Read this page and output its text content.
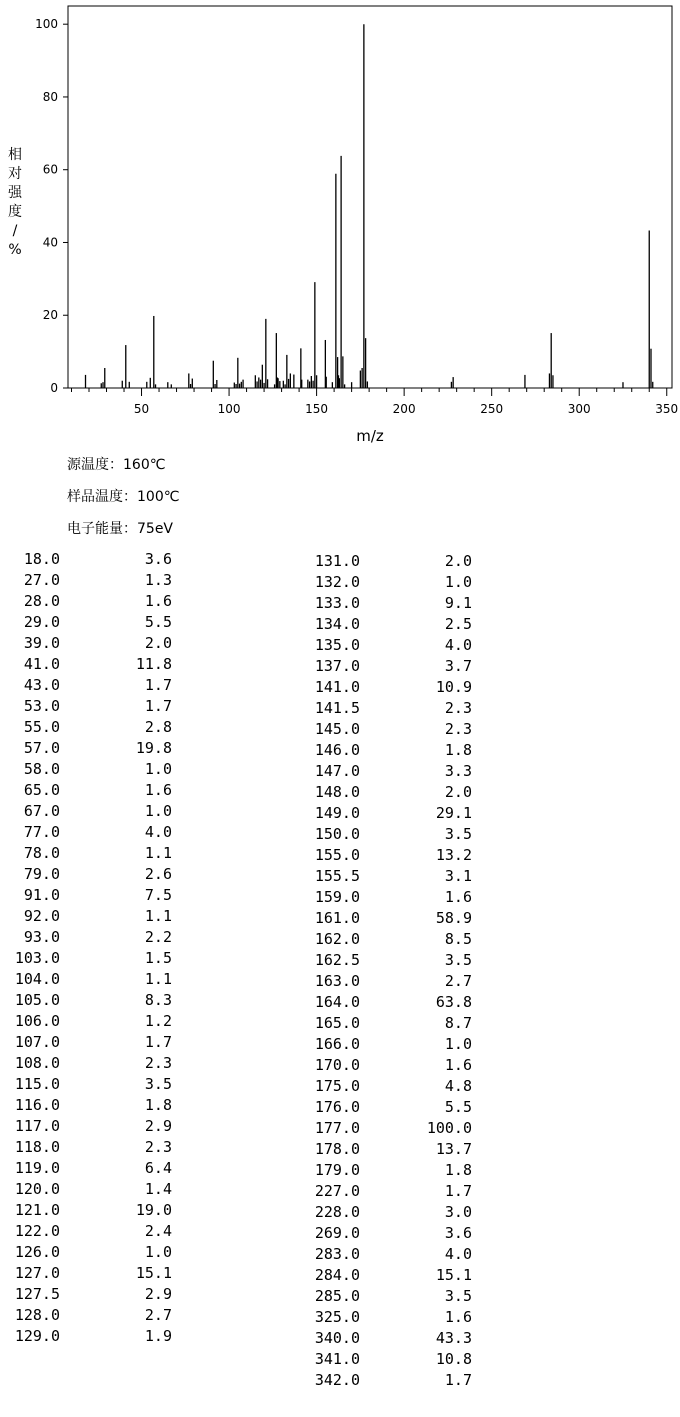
0
20
40
60
80
100
50	100	150	200	250	300	350
m/z
相
对
强
度
/
%
源温度：160℃
样品温度：100℃
电子能量：75eV
18.0	3.6
27.0	1.3
28.0	1.6
29.0	5.5
39.0	2.0
41.0	11.8
43.0	1.7
53.0	1.7
55.0	2.8
57.0	19.8
58.0	1.0
65.0	1.6
67.0	1.0
77.0	4.0
78.0	1.1
79.0	2.6
91.0	7.5
92.0	1.1
93.0	2.2
103.0	1.5
104.0	1.1
105.0	8.3
106.0	1.2
107.0	1.7
108.0	2.3
115.0	3.5
116.0	1.8
117.0	2.9
118.0	2.3
119.0	6.4
120.0	1.4
121.0	19.0
122.0	2.4
126.0	1.0
127.0	15.1
127.5	2.9
128.0	2.7
129.0	1.9
131.0	2.0
132.0	1.0
133.0	9.1
134.0	2.5
135.0	4.0
137.0	3.7
141.0	10.9
141.5	2.3
145.0	2.3
146.0	1.8
147.0	3.3
148.0	2.0
149.0	29.1
150.0	3.5
155.0	13.2
155.5	3.1
159.0	1.6
161.0	58.9
162.0	8.5
162.5	3.5
163.0	2.7
164.0	63.8
165.0	8.7
166.0	1.0
170.0	1.6
175.0	4.8
176.0	5.5
177.0	100.0
178.0	13.7
179.0	1.8
227.0	1.7
228.0	3.0
269.0	3.6
283.0	4.0
284.0	15.1
285.0	3.5
325.0	1.6
340.0	43.3
341.0	10.8
342.0	1.7
